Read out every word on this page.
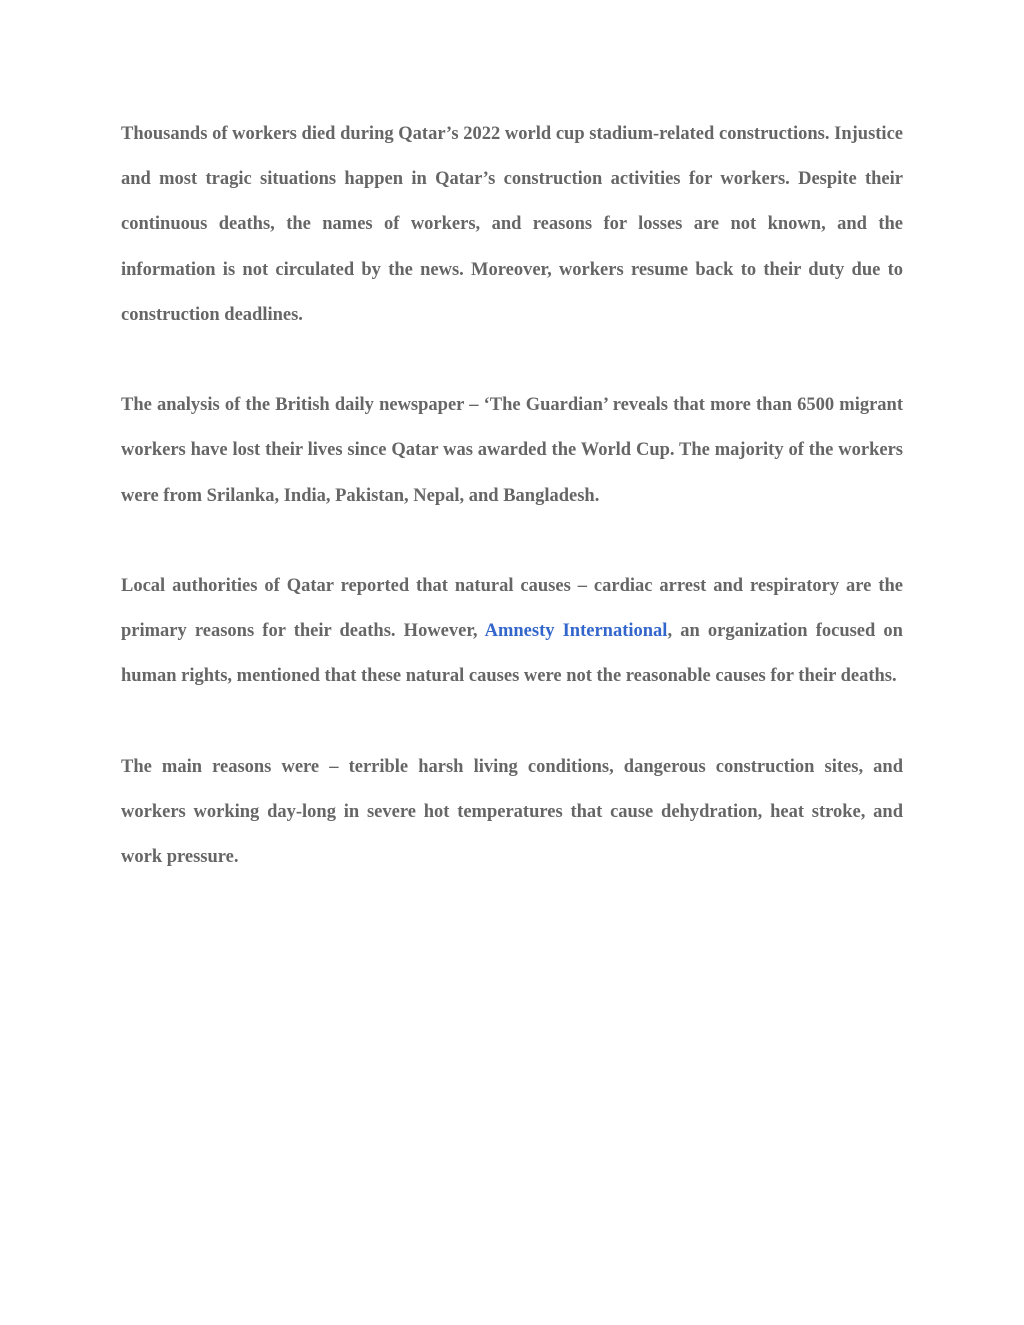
Thousands of workers died during Qatar’s 2022 world cup stadium-related constructions. Injustice and most tragic situations happen in Qatar’s construction activities for workers. Despite their continuous deaths, the names of workers, and reasons for losses are not known, and the information is not circulated by the news. Moreover, workers resume back to their duty due to construction deadlines.

The analysis of the British daily newspaper – ‘The Guardian’ reveals that more than 6500 migrant workers have lost their lives since Qatar was awarded the World Cup. The majority of the workers were from Srilanka, India, Pakistan, Nepal, and Bangladesh.

Local authorities of Qatar reported that natural causes – cardiac arrest and respiratory are the primary reasons for their deaths. However, Amnesty International, an organization focused on human rights, mentioned that these natural causes were not the reasonable causes for their deaths.

The main reasons were – terrible harsh living conditions, dangerous construction sites, and workers working day-long in severe hot temperatures that cause dehydration, heat stroke, and work pressure.
